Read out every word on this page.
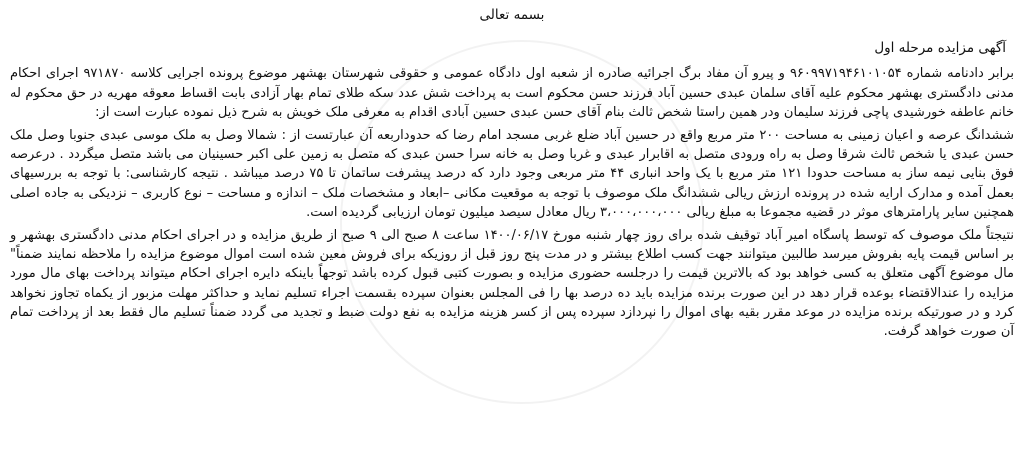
بسمه تعالی
آگهی مزایده مرحله اول

برابر دادنامه شماره ۹۶۰۹۹۷۱۹۴۶۱۰۱۰۵۴ و پیرو آن مفاد برگ اجرائیه صادره از شعبه اول دادگاه عمومی و حقوقی شهرستان بهشهر موضوع پرونده اجرایی کلاسه ۹۷۱۸۷۰ اجرای احکام مدنی دادگستری بهشهر محکوم علیه آقای سلمان عبدی حسین آباد فرزند حسن محکوم است به پرداخت شش عدد سکه طلای تمام بهار آزادی بابت اقساط معوقه مهریه در حق محکوم له خانم عاطفه خورشیدی پاچی فرزند سلیمان ودر همین راستا شخص ثالث بنام آقای حسن عبدی حسین آبادی اقدام به معرفی ملک خویش به شرح ذیل نموده عبارت است از:

ششدانگ عرصه و اعیان زمینی به مساحت ۲۰۰ متر مربع واقع در حسین آباد ضلع غربی مسجد امام رضا که حدوداربعه آن عبارتست از : شمالا وصل به ملک موسی عبدی جنوبا وصل ملک حسن عبدی یا شخص ثالث شرقا وصل به راه ورودی متصل به اقابرار عبدی و غربا وصل به خانه سرا حسن عبدی که متصل به زمین علی اکبر حسینیان می باشد متصل میگردد . درعرصه فوق بنایی نیمه ساز به مساحت حدودا ۱۲۱ متر مربع با یک واحد انباری ۴۴ متر مربعی وجود دارد که درصد پیشرفت ساتمان تا ۷۵ درصد میباشد . نتیجه کارشناسی: با توجه به بررسیهای بعمل آمده و مدارک ارایه شده در پرونده ارزش ریالی ششدانگ ملک موصوف با توجه به موقعیت مکانی –ابعاد و مشخصات ملک – اندازه و مساحت – نوع کاربری – نزدیکی به جاده اصلی همچنین سایر پارامترهای موثر در قضیه مجموعا به مبلغ ریالی ۳،۰۰۰،۰۰۰،۰۰۰ ریال معادل سیصد میلیون تومان ارزیابی گردیده است.

نتیجتاً ملک موصوف که توسط پاسگاه امیر آباد توقیف شده برای روز چهار شنبه مورخ ۱۴۰۰/۰۶/۱۷ ساعت ۸ صبح الی ۹ صبح از طریق مزایده و در اجرای احکام مدنی دادگستری بهشهر و بر اساس قیمت پایه بفروش میرسد طالبین میتوانند جهت کسب اطلاع بیشتر و در مدت پنج روز قبل از روزیکه برای فروش معین شده است اموال موضوع مزایده را ملاحظه نمایند ضمناً" مال موضوع آگهی متعلق به کسی خواهد بود که بالاترین قیمت را درجلسه حضوری مزایده و بصورت کتبی قبول کرده باشد توجهاً باینکه دایره اجرای احکام میتواند پرداخت بهای مال مورد مزایده را عندالاقتضاء بوعده قرار دهد در این صورت برنده مزایده باید ده درصد بها را فی المجلس بعنوان سپرده بقسمت اجراء تسلیم نماید و حداکثر مهلت مزبور از یکماه تجاوز نخواهد کرد و در صورتیکه برنده مزایده در موعد مقرر بقیه بهای اموال را نپردازد سپرده پس از کسر هزینه مزایده به نفع دولت ضبط و تجدید می گردد ضمناً تسلیم مال فقط بعد از پرداخت تمام آن صورت خواهد گرفت.
